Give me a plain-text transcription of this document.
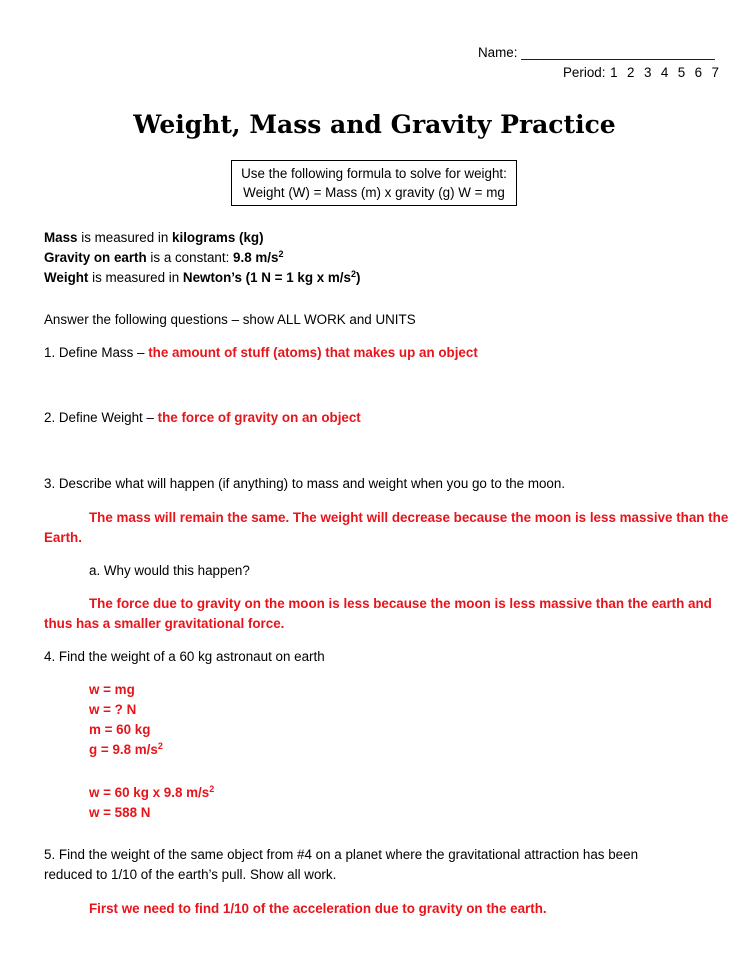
Name: __________________________
Period: 1  2  3  4  5  6  7
Weight, Mass and Gravity Practice
Use the following formula to solve for weight:
Weight (W) = Mass (m) x gravity (g) W = mg
Mass is measured in kilograms (kg)
Gravity on earth is a constant: 9.8 $m/s^2$
Weight is measured in Newton’s (1 N = 1 kg x $m/s^2$)
Answer the following questions – show ALL WORK and UNITS
1. Define Mass – the amount of stuff (atoms) that makes up an object
2. Define Weight – the force of gravity on an object
3. Describe what will happen (if anything) to mass and weight when you go to the moon.
The mass will remain the same. The weight will decrease because the moon is less massive than the
Earth.
a. Why would this happen?
The force due to gravity on the moon is less because the moon is less massive than the earth and
thus has a smaller gravitational force.
4. Find the weight of a 60 kg astronaut on earth
w = mg
w = ? N
m = 60 kg
g = 9.8 $m/s^2$
w = 60 kg x 9.8 $m/s^2$
w = 588 N
5. Find the weight of the same object from #4 on a planet where the gravitational attraction has been
reduced to 1/10 of the earth’s pull. Show all work.
First we need to find 1/10 of the acceleration due to gravity on the earth.
